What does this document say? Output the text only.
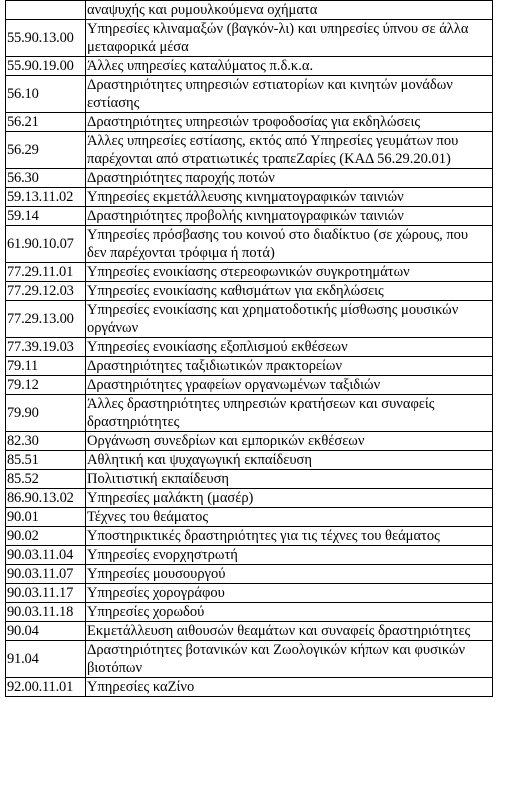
	αναψυχής και ρυμουλκούμενα οχήματα
55.90.13.00	Υπηρεσίες κλιναμαξών (βαγκόν-λι) και υπηρεσίες ύπνου σε άλλα μεταφορικά μέσα
55.90.19.00	Άλλες υπηρεσίες καταλύματος π.δ.κ.α.
56.10	Δραστηριότητες υπηρεσιών εστιατορίων και κινητών μονάδων εστίασης
56.21	Δραστηριότητες υπηρεσιών τροφοδοσίας για εκδηλώσεις
56.29	Άλλες υπηρεσίες εστίασης, εκτός από Υπηρεσίες γευμάτων που παρέχονται από στρατιωτικές τραπεΖαρίες (ΚΑΔ 56.29.20.01)
56.30	Δραστηριότητες παροχής ποτών
59.13.11.02	Υπηρεσίες εκμετάλλευσης κινηματογραφικών ταινιών
59.14	Δραστηριότητες προβολής κινηματογραφικών ταινιών
61.90.10.07	Υπηρεσίες πρόσβασης του κοινού στο διαδίκτυο (σε χώρους, που δεν παρέχονται τρόφιμα ή ποτά)
77.29.11.01	Υπηρεσίες ενοικίασης στερεοφωνικών συγκροτημάτων
77.29.12.03	Υπηρεσίες ενοικίασης καθισμάτων για εκδηλώσεις
77.29.13.00	Υπηρεσίες ενοικίασης και χρηματοδοτικής μίσθωσης μουσικών οργάνων
77.39.19.03	Υπηρεσίες ενοικίασης εξοπλισμού εκθέσεων
79.11	Δραστηριότητες ταξιδιωτικών πρακτορείων
79.12	Δραστηριότητες γραφείων οργανωμένων ταξιδιών
79.90	Άλλες δραστηριότητες υπηρεσιών κρατήσεων και συναφείς δραστηριότητες
82.30	Οργάνωση συνεδρίων και εμπορικών εκθέσεων
85.51	Αθλητική και ψυχαγωγική εκπαίδευση
85.52	Πολιτιστική εκπαίδευση
86.90.13.02	Υπηρεσίες μαλάκτη (μασέρ)
90.01	Τέχνες του θεάματος
90.02	Υποστηρικτικές δραστηριότητες για τις τέχνες του θεάματος
90.03.11.04	Υπηρεσίες ενορχηστρωτή
90.03.11.07	Υπηρεσίες μουσουργού
90.03.11.17	Υπηρεσίες χορογράφου
90.03.11.18	Υπηρεσίες χορωδού
90.04	Εκμετάλλευση αιθουσών θεαμάτων και συναφείς δραστηριότητες
91.04	Δραστηριότητες βοτανικών και Ζωολογικών κήπων και φυσικών βιοτόπων
92.00.11.01	Υπηρεσίες καΖίνο
